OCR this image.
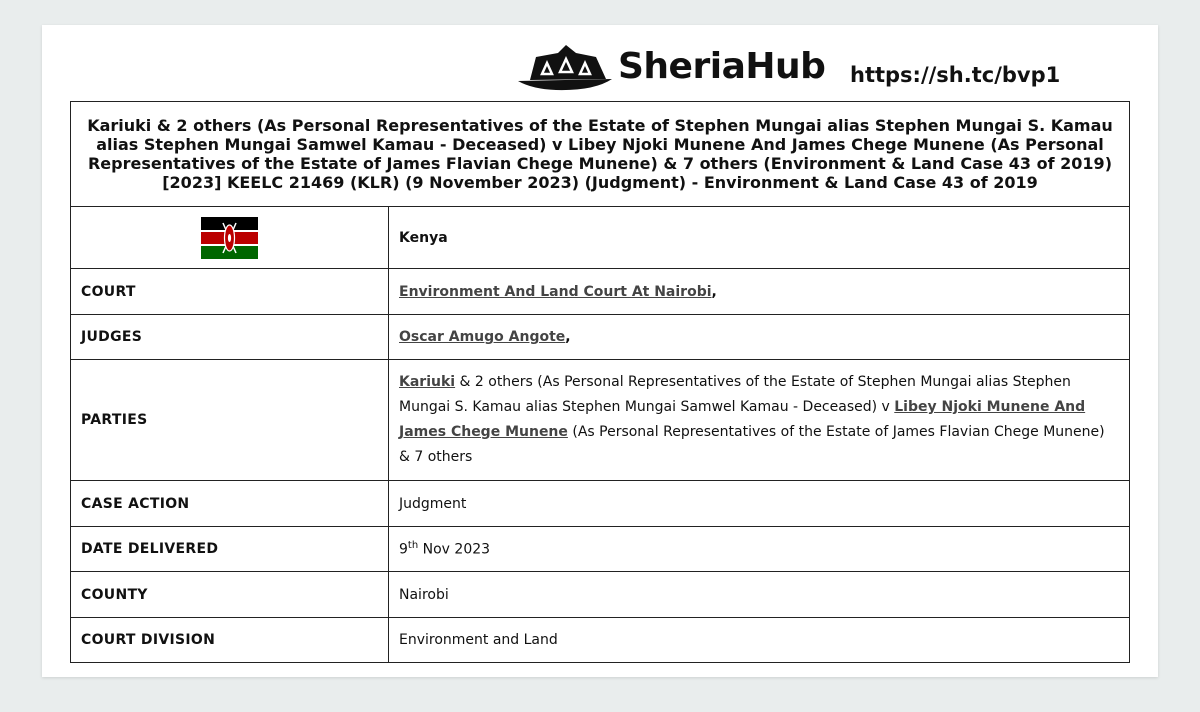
SheriaHub https://sh.tc/bvp1
Kariuki & 2 others (As Personal Representatives of the Estate of Stephen Mungai alias Stephen Mungai S. Kamau alias Stephen Mungai Samwel Kamau - Deceased) v Libey Njoki Munene And James Chege Munene (As Personal Representatives of the Estate of James Flavian Chege Munene) & 7 others (Environment & Land Case 43 of 2019) [2023] KEELC 21469 (KLR) (9 November 2023) (Judgment) - Environment & Land Case 43 of 2019	
	Kenya
COURT	Environment And Land Court At Nairobi,
JUDGES	Oscar Amugo Angote,
PARTIES	Kariuki & 2 others (As Personal Representatives of the Estate of Stephen Mungai alias Stephen Mungai S. Kamau alias Stephen Mungai Samwel Kamau - Deceased) v Libey Njoki Munene And James Chege Munene (As Personal Representatives of the Estate of James Flavian Chege Munene) & 7 others
CASE ACTION	Judgment
DATE DELIVERED	9th Nov 2023
COUNTY	Nairobi
COURT DIVISION	Environment and Land
